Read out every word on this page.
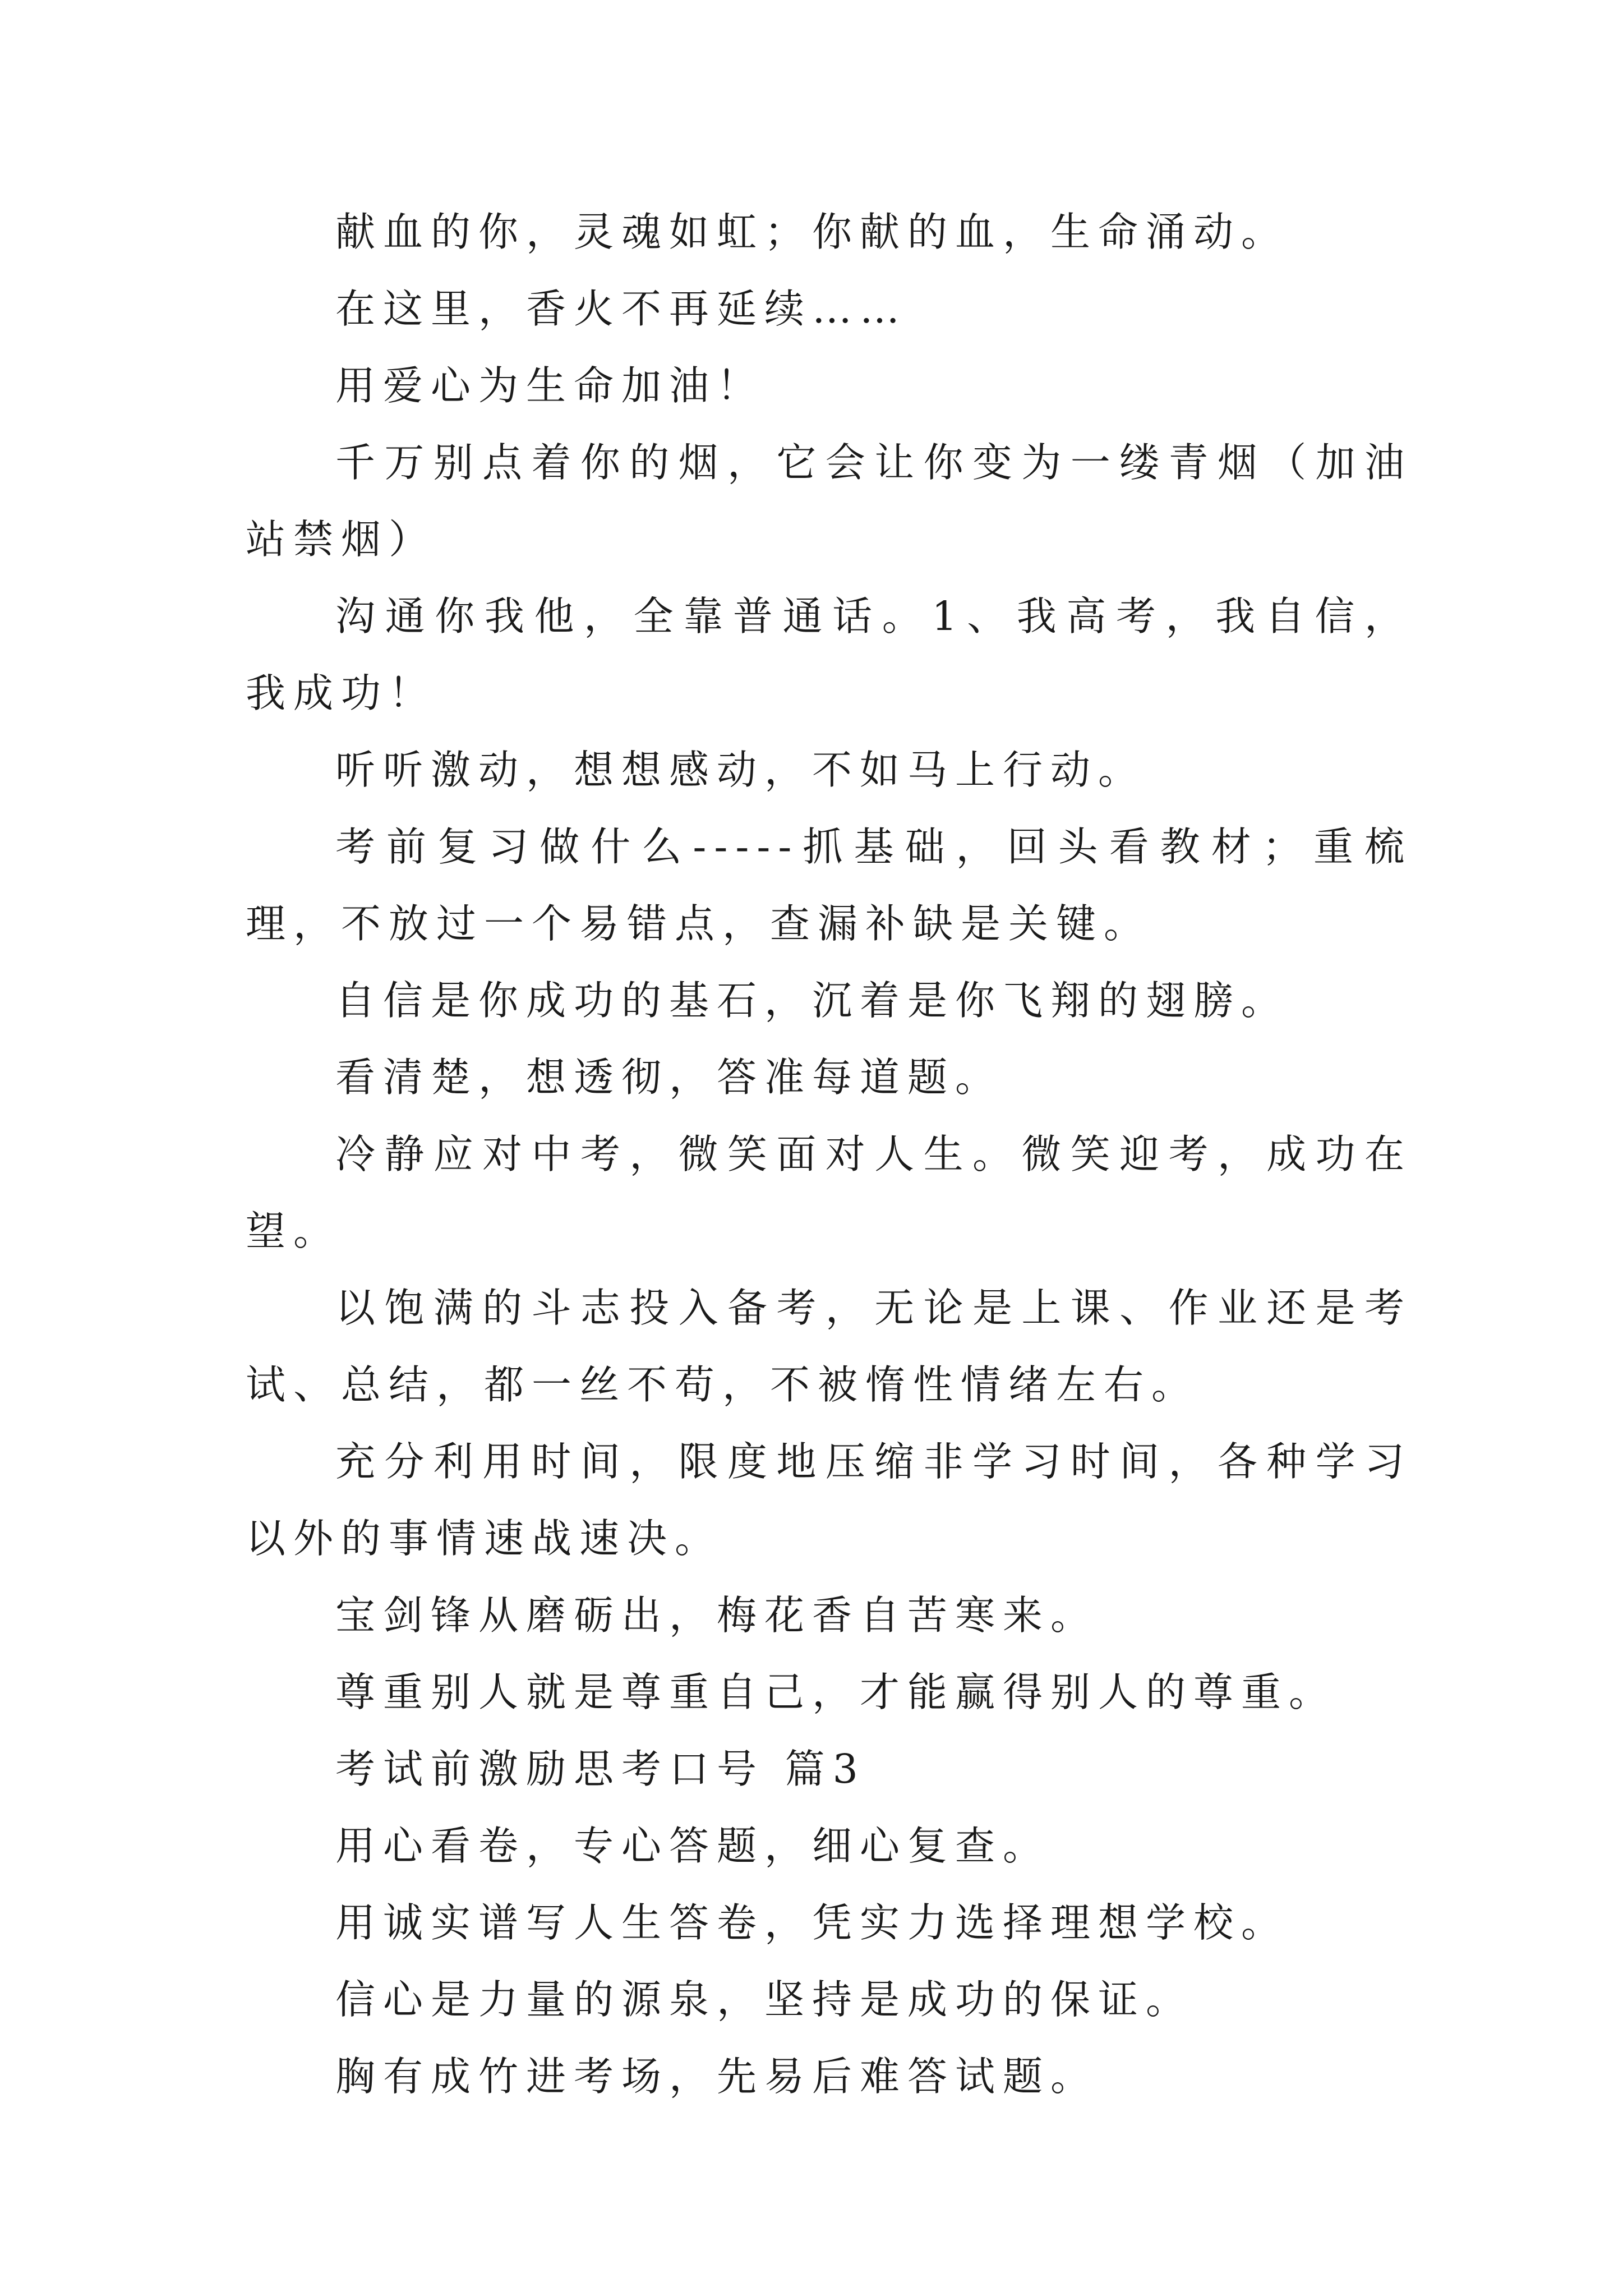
献血的你，灵魂如虹；你献的血，生命涌动。

在这里，香火不再延续……

用爱心为生命加油！

千万别点着你的烟，它会让你变为一缕青烟（加油站禁烟）

沟通你我他，全靠普通话。1、我高考，我自信，我成功！

听听激动，想想感动，不如马上行动。

考前复习做什么-----抓基础，回头看教材；重梳理，不放过一个易错点，查漏补缺是关键。

自信是你成功的基石，沉着是你飞翔的翅膀。

看清楚，想透彻，答准每道题。

冷静应对中考，微笑面对人生。微笑迎考，成功在望。

以饱满的斗志投入备考，无论是上课、作业还是考试、总结，都一丝不苟，不被惰性情绪左右。

充分利用时间，限度地压缩非学习时间，各种学习以外的事情速战速决。

宝剑锋从磨砺出，梅花香自苦寒来。

尊重别人就是尊重自己，才能赢得别人的尊重。

考试前激励思考口号 篇3

用心看卷，专心答题，细心复查。

用诚实谱写人生答卷，凭实力选择理想学校。

信心是力量的源泉，坚持是成功的保证。

胸有成竹进考场，先易后难答试题。
